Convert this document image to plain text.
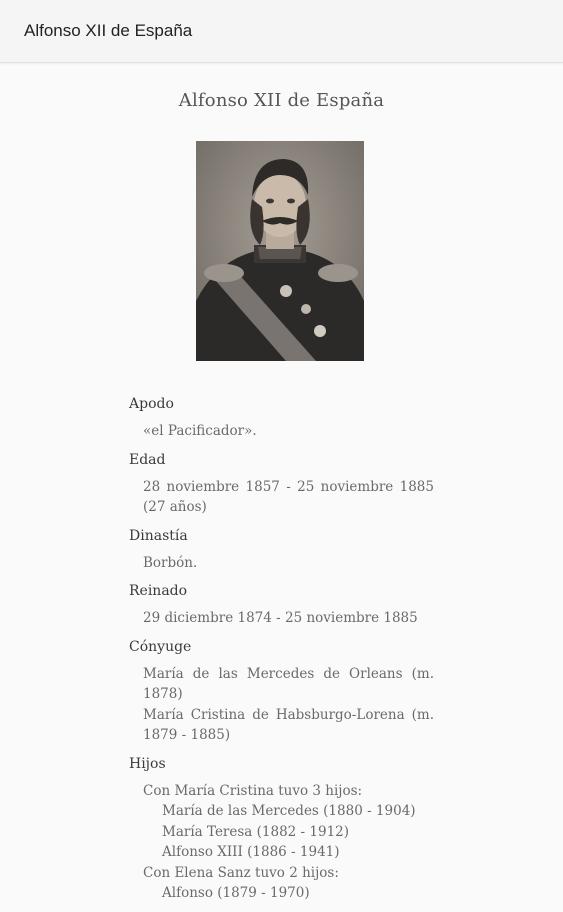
Alfonso XII de España
Alfonso XII de España
Apodo
«el Pacificador».
Edad
28 noviembre 1857 - 25 noviembre 1885 (27 años)
Dinastía
Borbón.
Reinado
29 diciembre 1874 - 25 noviembre 1885
Cónyuge
María de las Mercedes de Orleans (m. 1878)
María Cristina de Habsburgo-Lorena (m. 1879 - 1885)
Hijos
Con María Cristina tuvo 3 hijos:
María de las Mercedes (1880 - 1904)
María Teresa (1882 - 1912)
Alfonso XIII (1886 - 1941)
Con Elena Sanz tuvo 2 hijos:
Alfonso (1879 - 1970)
